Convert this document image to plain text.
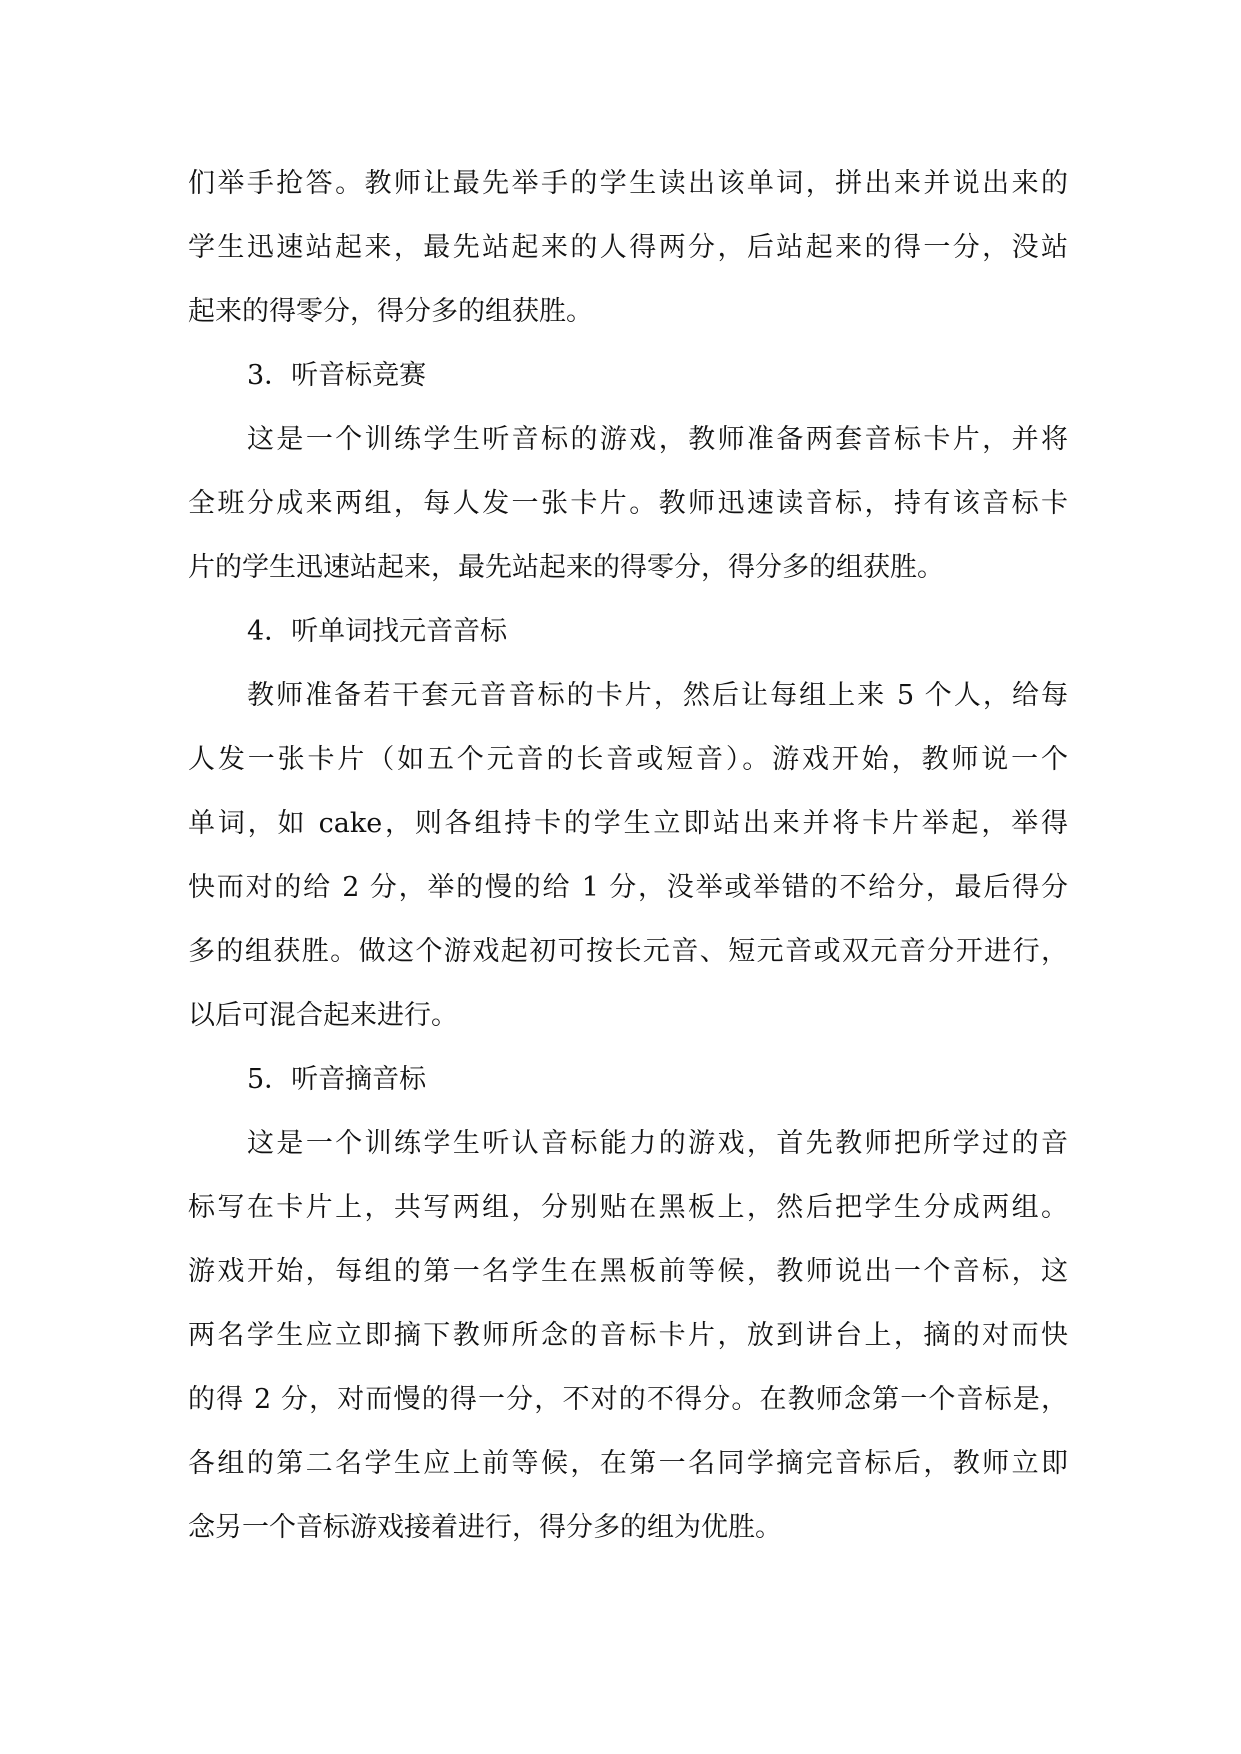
们举手抢答。教师让最先举手的学生读出该单词，拼出来并说出来的
学生迅速站起来，最先站起来的人得两分，后站起来的得一分，没站
起来的得零分，得分多的组获胜。
3．听音标竞赛
这是一个训练学生听音标的游戏，教师准备两套音标卡片，并将
全班分成来两组，每人发一张卡片。教师迅速读音标，持有该音标卡
片的学生迅速站起来，最先站起来的得零分，得分多的组获胜。
4．听单词找元音音标
教师准备若干套元音音标的卡片，然后让每组上来 5 个人，给每
人发一张卡片（如五个元音的长音或短音）。游戏开始，教师说一个
单词，如 cake，则各组持卡的学生立即站出来并将卡片举起，举得
快而对的给 2 分，举的慢的给 1 分，没举或举错的不给分，最后得分
多的组获胜。做这个游戏起初可按长元音、短元音或双元音分开进行，
以后可混合起来进行。
5．听音摘音标
这是一个训练学生听认音标能力的游戏，首先教师把所学过的音
标写在卡片上，共写两组，分别贴在黑板上，然后把学生分成两组。
游戏开始，每组的第一名学生在黑板前等候，教师说出一个音标，这
两名学生应立即摘下教师所念的音标卡片，放到讲台上，摘的对而快
的得 2 分，对而慢的得一分，不对的不得分。在教师念第一个音标是，
各组的第二名学生应上前等候，在第一名同学摘完音标后，教师立即
念另一个音标游戏接着进行，得分多的组为优胜。
